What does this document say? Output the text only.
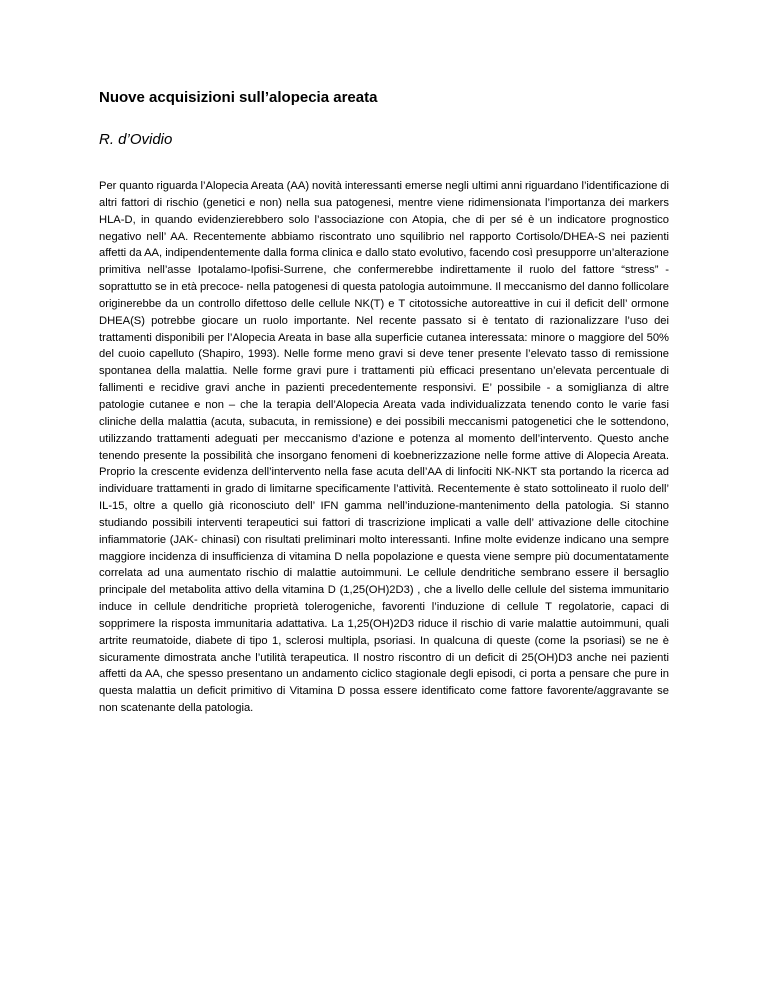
Nuove acquisizioni sull’alopecia areata

R. d’Ovidio

Per quanto riguarda l’Alopecia Areata (AA) novità interessanti emerse negli ultimi anni riguardano l’identificazione di altri fattori di rischio (genetici e non) nella sua patogenesi, mentre viene ridimensionata l’importanza dei markers HLA-D, in quando evidenzierebbero solo l’associazione con Atopia, che di per sé è un indicatore prognostico negativo nell’ AA. Recentemente abbiamo riscontrato uno squilibrio nel rapporto Cortisolo/DHEA-S nei pazienti affetti da AA, indipendentemente dalla forma clinica e dallo stato evolutivo, facendo così presupporre un’alterazione primitiva nell’asse Ipotalamo-Ipofisi-Surrene, che confermerebbe indirettamente il ruolo del fattore “stress” -soprattutto se in età precoce- nella patogenesi di questa patologia autoimmune. Il meccanismo del danno follicolare originerebbe da un controllo difettoso delle cellule NK(T) e T citotossiche autoreattive in cui il deficit dell’ ormone DHEA(S) potrebbe giocare un ruolo importante. Nel recente passato si è tentato di razionalizzare l’uso dei trattamenti disponibili per l’Alopecia Areata in base alla superficie cutanea interessata: minore o maggiore del 50% del cuoio capelluto (Shapiro, 1993). Nelle forme meno gravi si deve tener presente l’elevato tasso di remissione spontanea della malattia. Nelle forme gravi pure i trattamenti più efficaci presentano un’elevata percentuale di fallimenti e recidive gravi anche in pazienti precedentemente responsivi. E’ possibile - a somiglianza di altre patologie cutanee e non – che la terapia dell’Alopecia Areata vada individualizzata tenendo conto le varie fasi cliniche della malattia (acuta, subacuta, in remissione) e dei possibili meccanismi patogenetici che le sottendono, utilizzando trattamenti adeguati per meccanismo d’azione e potenza al momento dell’intervento. Questo anche tenendo presente la possibilità che insorgano fenomeni di koebnerizzazione nelle forme attive di Alopecia Areata. Proprio la crescente evidenza dell’intervento nella fase acuta dell’AA di linfociti NK-NKT sta portando la ricerca ad individuare trattamenti in grado di limitarne specificamente l’attività. Recentemente è stato sottolineato il ruolo dell’ IL-15, oltre a quello già riconosciuto dell’ IFN gamma nell’induzione-mantenimento della patologia. Si stanno studiando possibili interventi terapeutici sui fattori di trascrizione implicati a valle dell’ attivazione delle citochine infiammatorie (JAK- chinasi) con risultati preliminari molto interessanti. Infine molte evidenze indicano una sempre maggiore incidenza di insufficienza di vitamina D nella popolazione e questa viene sempre più documentatamente correlata ad una aumentato rischio di malattie autoimmuni. Le cellule dendritiche sembrano essere il bersaglio principale del metabolita attivo della vitamina D (1,25(OH)2D3) , che a livello delle cellule del sistema immunitario induce in cellule dendritiche proprietà tolerogeniche, favorenti l’induzione di cellule T regolatorie, capaci di sopprimere la risposta immunitaria adattativa. La 1,25(OH)2D3 riduce il rischio di varie malattie autoimmuni, quali artrite reumatoide, diabete di tipo 1, sclerosi multipla, psoriasi. In qualcuna di queste (come la psoriasi) se ne è sicuramente dimostrata anche l’utilità terapeutica. Il nostro riscontro di un deficit di 25(OH)D3 anche nei pazienti affetti da AA, che spesso presentano un andamento ciclico stagionale degli episodi, ci porta a pensare che pure in questa malattia un deficit primitivo di Vitamina D possa essere identificato come fattore favorente/aggravante se non scatenante della patologia.
